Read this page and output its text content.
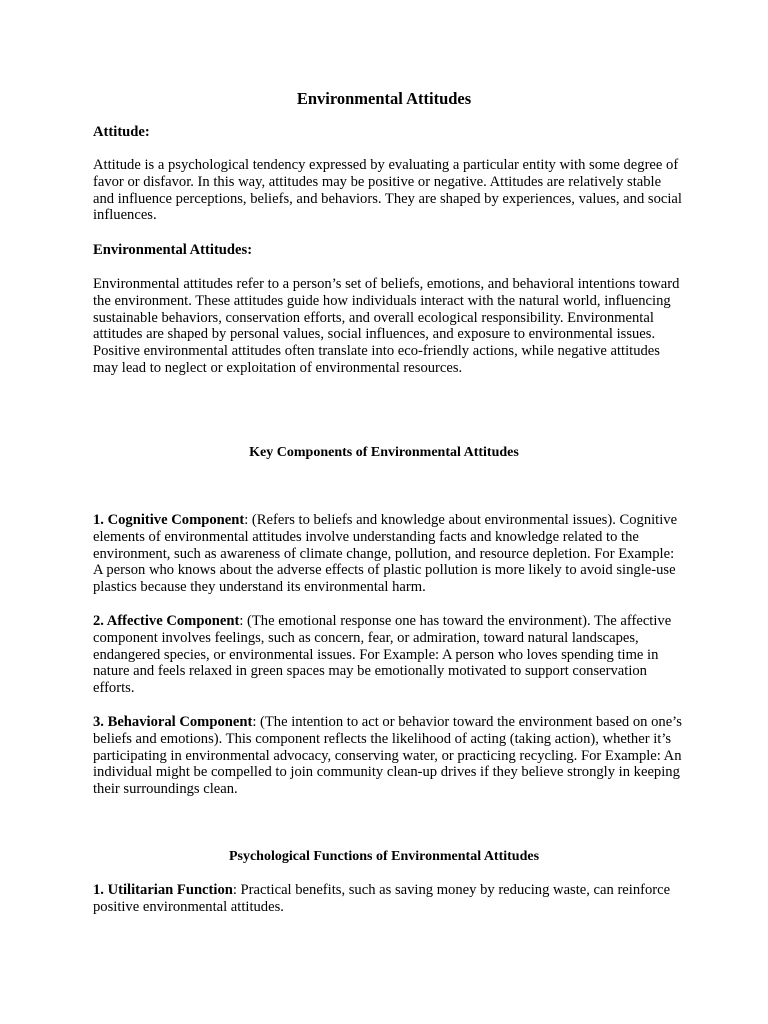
Environmental Attitudes

Attitude:

Attitude is a psychological tendency expressed by evaluating a particular entity with some degree of favor or disfavor. In this way, attitudes may be positive or negative. Attitudes are relatively stable and influence perceptions, beliefs, and behaviors. They are shaped by experiences, values, and social influences.

Environmental Attitudes:

Environmental attitudes refer to a person’s set of beliefs, emotions, and behavioral intentions toward the environment. These attitudes guide how individuals interact with the natural world, influencing sustainable behaviors, conservation efforts, and overall ecological responsibility. Environmental attitudes are shaped by personal values, social influences, and exposure to environmental issues. Positive environmental attitudes often translate into eco-friendly actions, while negative attitudes may lead to neglect or exploitation of environmental resources.

Key Components of Environmental Attitudes

1. Cognitive Component: (Refers to beliefs and knowledge about environmental issues). Cognitive elements of environmental attitudes involve understanding facts and knowledge related to the environment, such as awareness of climate change, pollution, and resource depletion. For Example: A person who knows about the adverse effects of plastic pollution is more likely to avoid single-use plastics because they understand its environmental harm.

2. Affective Component: (The emotional response one has toward the environment). The affective component involves feelings, such as concern, fear, or admiration, toward natural landscapes, endangered species, or environmental issues. For Example: A person who loves spending time in nature and feels relaxed in green spaces may be emotionally motivated to support conservation efforts.

3. Behavioral Component: (The intention to act or behavior toward the environment based on one’s beliefs and emotions). This component reflects the likelihood of acting (taking action), whether it’s participating in environmental advocacy, conserving water, or practicing recycling. For Example: An individual might be compelled to join community clean-up drives if they believe strongly in keeping their surroundings clean.

Psychological Functions of Environmental Attitudes

1. Utilitarian Function: Practical benefits, such as saving money by reducing waste, can reinforce positive environmental attitudes.
